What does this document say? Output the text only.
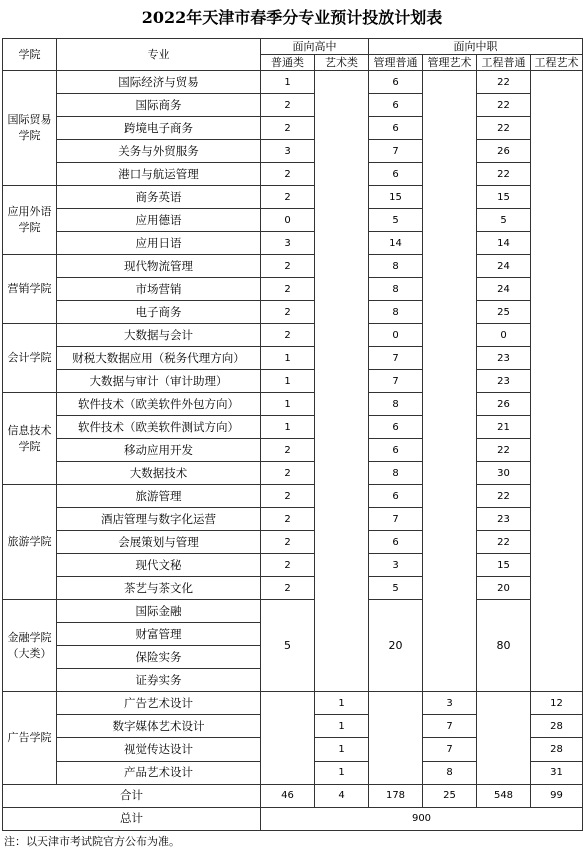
2022年天津市春季分专业预计投放计划表
学院	专业	面向高中		面向中职			
		普通类	艺术类	管理普通	管理艺术	工程普通	工程艺术
国际贸易学院	国际经济与贸易	1		6		22	
	国际商务	2		6		22	
	跨境电子商务	2		6		22	
	关务与外贸服务	3		7		26	
	港口与航运管理	2		6		22	
应用外语学院	商务英语	2		15		15	
	应用德语	0		5		5	
	应用日语	3		14		14	
营销学院	现代物流管理	2		8		24	
	市场营销	2		8		24	
	电子商务	2		8		25	
会计学院	大数据与会计	2		0		0	
	财税大数据应用（税务代理方向）	1		7		23	
	大数据与审计（审计助理）	1		7		23	
信息技术学院	软件技术（欧美软件外包方向）	1		8		26	
	软件技术（欧美软件测试方向）	1		6		21	
	移动应用开发	2		6		22	
	大数据技术	2		8		30	
旅游学院	旅游管理	2		6		22	
	酒店管理与数字化运营	2		7		23	
	会展策划与管理	2		6		22	
	现代文秘	2		3		15	
	茶艺与茶文化	2		5		20	
金融学院（大类）	国际金融	5		20		80	
	财富管理						
	保险实务						
	证券实务						
广告学院	广告艺术设计		1		3		12
	数字媒体艺术设计		1		7		28
	视觉传达设计		1		7		28
	产品艺术设计		1		8		31
合计		46	4	178	25	548	99
总计		900					
注：以天津市考试院官方公布为准。
